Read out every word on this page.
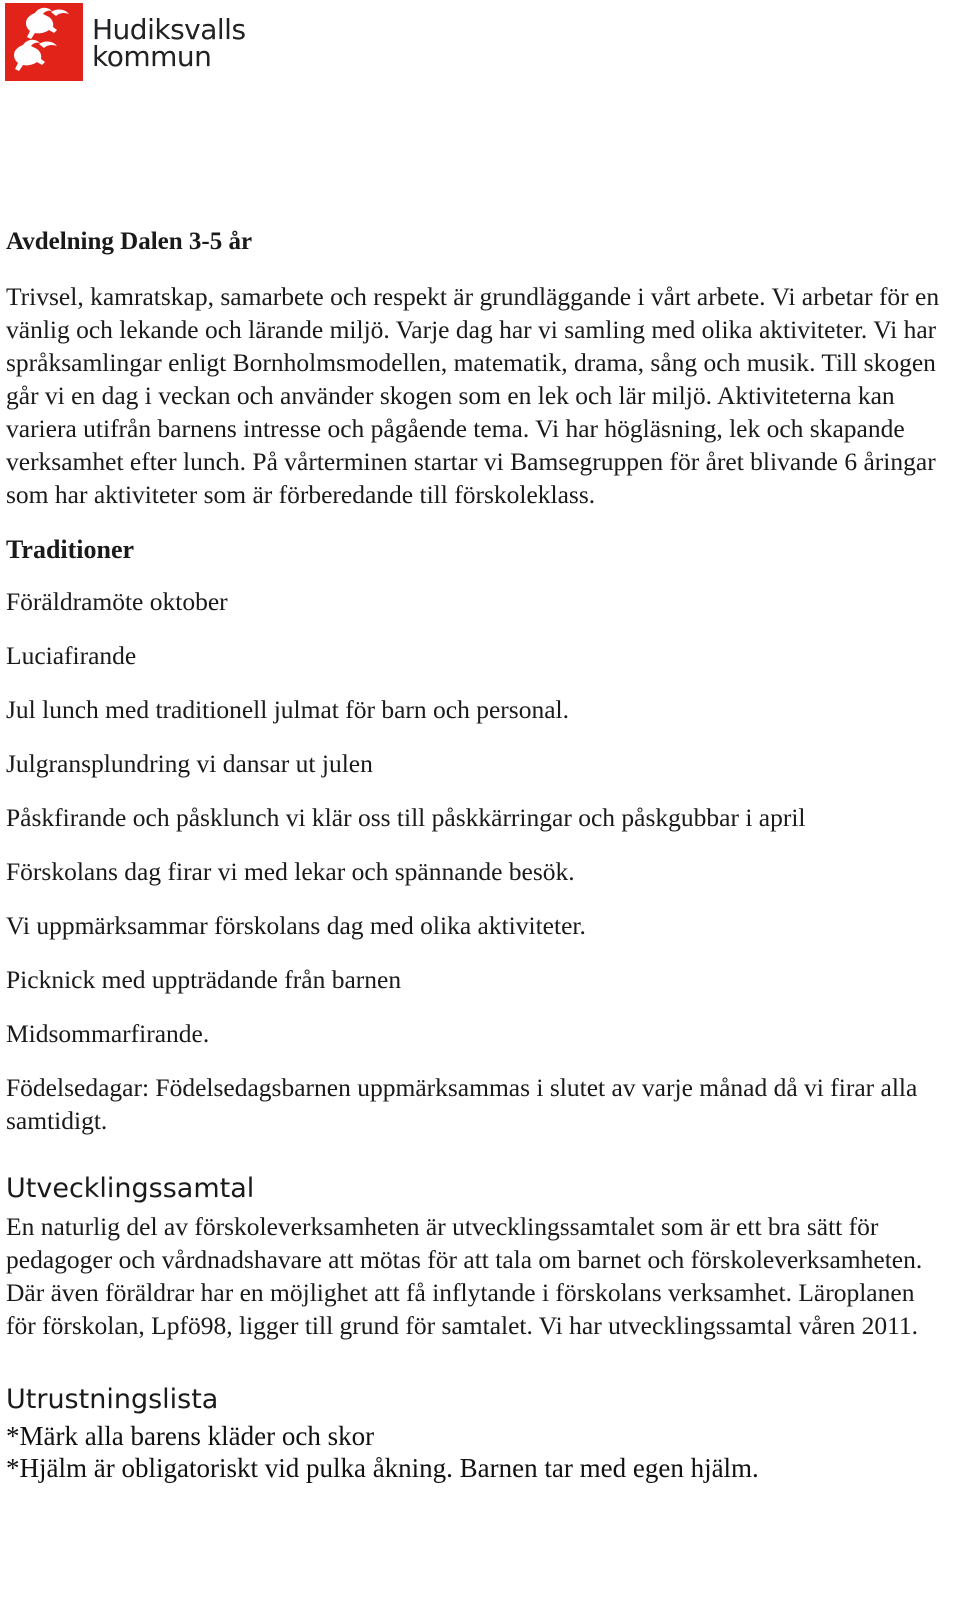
Hudiksvalls
kommun
Avdelning Dalen 3-5 år

Trivsel, kamratskap, samarbete och respekt är grundläggande i vårt arbete. Vi arbetar för en vänlig och lekande och lärande miljö. Varje dag har vi samling med olika aktiviteter. Vi har språksamlingar enligt Bornholmsmodellen, matematik, drama, sång och musik. Till skogen går vi en dag i veckan och använder skogen som en lek och lär miljö. Aktiviteterna kan variera utifrån barnens intresse och pågående tema. Vi har högläsning, lek och skapande verksamhet efter lunch. På vårterminen startar vi Bamsegruppen för året blivande 6 åringar som har aktiviteter som är förberedande till förskoleklass.

Traditioner

Föräldramöte oktober

Luciafirande

Jul lunch med traditionell julmat för barn och personal.

Julgransplundring vi dansar ut julen

Påskfirande och påsklunch vi klär oss till påskkärringar och påskgubbar i april

Förskolans dag firar vi med lekar och spännande besök.

Vi uppmärksammar förskolans dag med olika aktiviteter.

Picknick med uppträdande från barnen

Midsommarfirande.

Födelsedagar: Födelsedagsbarnen uppmärksammas i slutet av varje månad då vi firar alla samtidigt.

Utvecklingssamtal

En naturlig del av förskoleverksamheten är utvecklingssamtalet som är ett bra sätt för pedagoger och vårdnadshavare att mötas för att tala om barnet och förskoleverksamheten. Där även föräldrar har en möjlighet att få inflytande i förskolans verksamhet. Läroplanen för förskolan, Lpfö98, ligger till grund för samtalet. Vi har utvecklingssamtal våren 2011.

Utrustningslista

*Märk alla barens kläder och skor

*Hjälm är obligatoriskt vid pulka åkning. Barnen tar med egen hjälm.
